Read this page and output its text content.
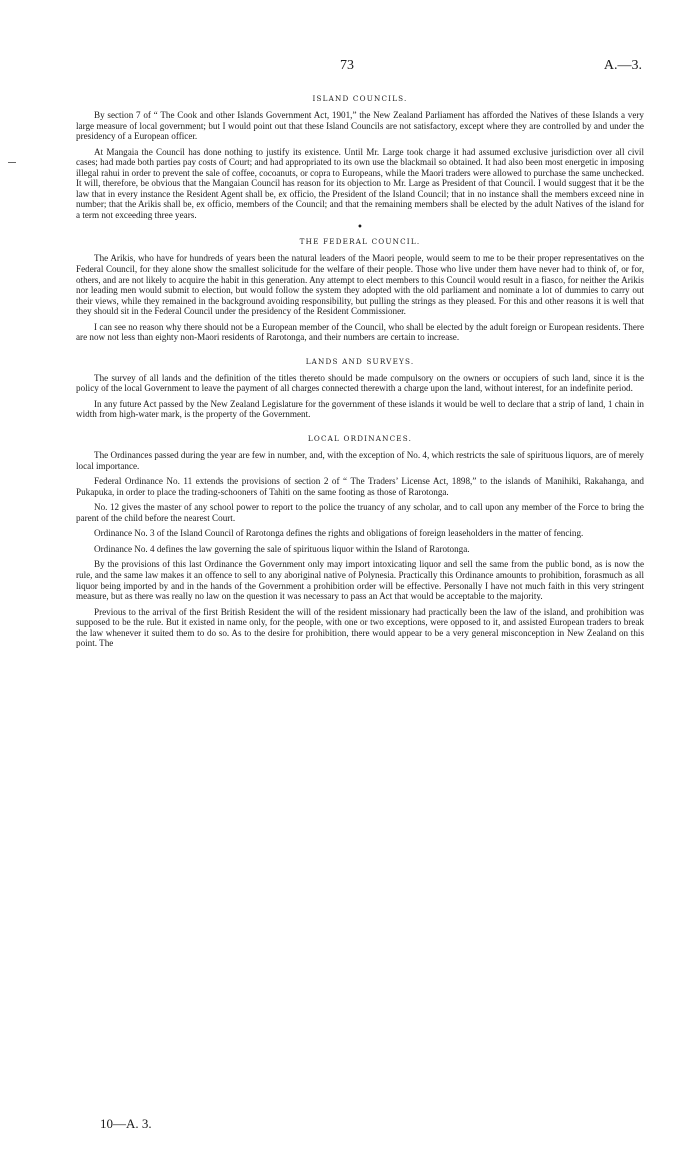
73	A.—3.
ISLAND COUNCILS.

By section 7 of “ The Cook and other Islands Government Act, 1901,” the New Zealand Parliament has afforded the Natives of these Islands a very large measure of local government; but I would point out that these Island Councils are not satisfactory, except where they are controlled by and under the presidency of a European officer.

At Mangaia the Council has done nothing to justify its existence. Until Mr. Large took charge it had assumed exclusive jurisdiction over all civil cases; had made both parties pay costs of Court; and had appropriated to its own use the blackmail so obtained. It had also been most energetic in imposing illegal rahui in order to prevent the sale of coffee, cocoanuts, or copra to Europeans, while the Maori traders were allowed to purchase the same unchecked. It will, therefore, be obvious that the Mangaian Council has reason for its objection to Mr. Large as President of that Council. I would suggest that it be the law that in every instance the Resident Agent shall be, ex officio, the President of the Island Council; that in no instance shall the members exceed nine in number; that the Arikis shall be, ex officio, members of the Council; and that the remaining members shall be elected by the adult Natives of the island for a term not exceeding three years.

•
THE FEDERAL COUNCIL.

The Arikis, who have for hundreds of years been the natural leaders of the Maori people, would seem to me to be their proper representatives on the Federal Council, for they alone show the smallest solicitude for the welfare of their people. Those who live under them have never had to think of, or for, others, and are not likely to acquire the habit in this generation. Any attempt to elect members to this Council would result in a fiasco, for neither the Arikis nor leading men would submit to election, but would follow the system they adopted with the old parliament and nominate a lot of dummies to carry out their views, while they remained in the background avoiding responsibility, but pulling the strings as they pleased. For this and other reasons it is well that they should sit in the Federal Council under the presidency of the Resident Commissioner.

I can see no reason why there should not be a European member of the Council, who shall be elected by the adult foreign or European residents. There are now not less than eighty non-Maori residents of Rarotonga, and their numbers are certain to increase.

LANDS AND SURVEYS.

The survey of all lands and the definition of the titles thereto should be made compulsory on the owners or occupiers of such land, since it is the policy of the local Government to leave the payment of all charges connected therewith a charge upon the land, without interest, for an indefinite period.

In any future Act passed by the New Zealand Legislature for the government of these islands it would be well to declare that a strip of land, 1 chain in width from high-water mark, is the property of the Government.

LOCAL ORDINANCES.

The Ordinances passed during the year are few in number, and, with the exception of No. 4, which restricts the sale of spirituous liquors, are of merely local importance.

Federal Ordinance No. 11 extends the provisions of section 2 of “ The Traders’ License Act, 1898,” to the islands of Manihiki, Rakahanga, and Pukapuka, in order to place the trading-schooners of Tahiti on the same footing as those of Rarotonga.

No. 12 gives the master of any school power to report to the police the truancy of any scholar, and to call upon any member of the Force to bring the parent of the child before the nearest Court.

Ordinance No. 3 of the Island Council of Rarotonga defines the rights and obligations of foreign leaseholders in the matter of fencing.

Ordinance No. 4 defines the law governing the sale of spirituous liquor within the Island of Rarotonga.

By the provisions of this last Ordinance the Government only may import intoxicating liquor and sell the same from the public bond, as is now the rule, and the same law makes it an offence to sell to any aboriginal native of Polynesia. Practically this Ordinance amounts to prohibition, forasmuch as all liquor being imported by and in the hands of the Government a prohibition order will be effective. Personally I have not much faith in this very stringent measure, but as there was really no law on the question it was necessary to pass an Act that would be acceptable to the majority.

Previous to the arrival of the first British Resident the will of the resident missionary had practically been the law of the island, and prohibition was supposed to be the rule. But it existed in name only, for the people, with one or two exceptions, were opposed to it, and assisted European traders to break the law whenever it suited them to do so. As to the desire for prohibition, there would appear to be a very general misconception in New Zealand on this point. The

10—A. 3.
